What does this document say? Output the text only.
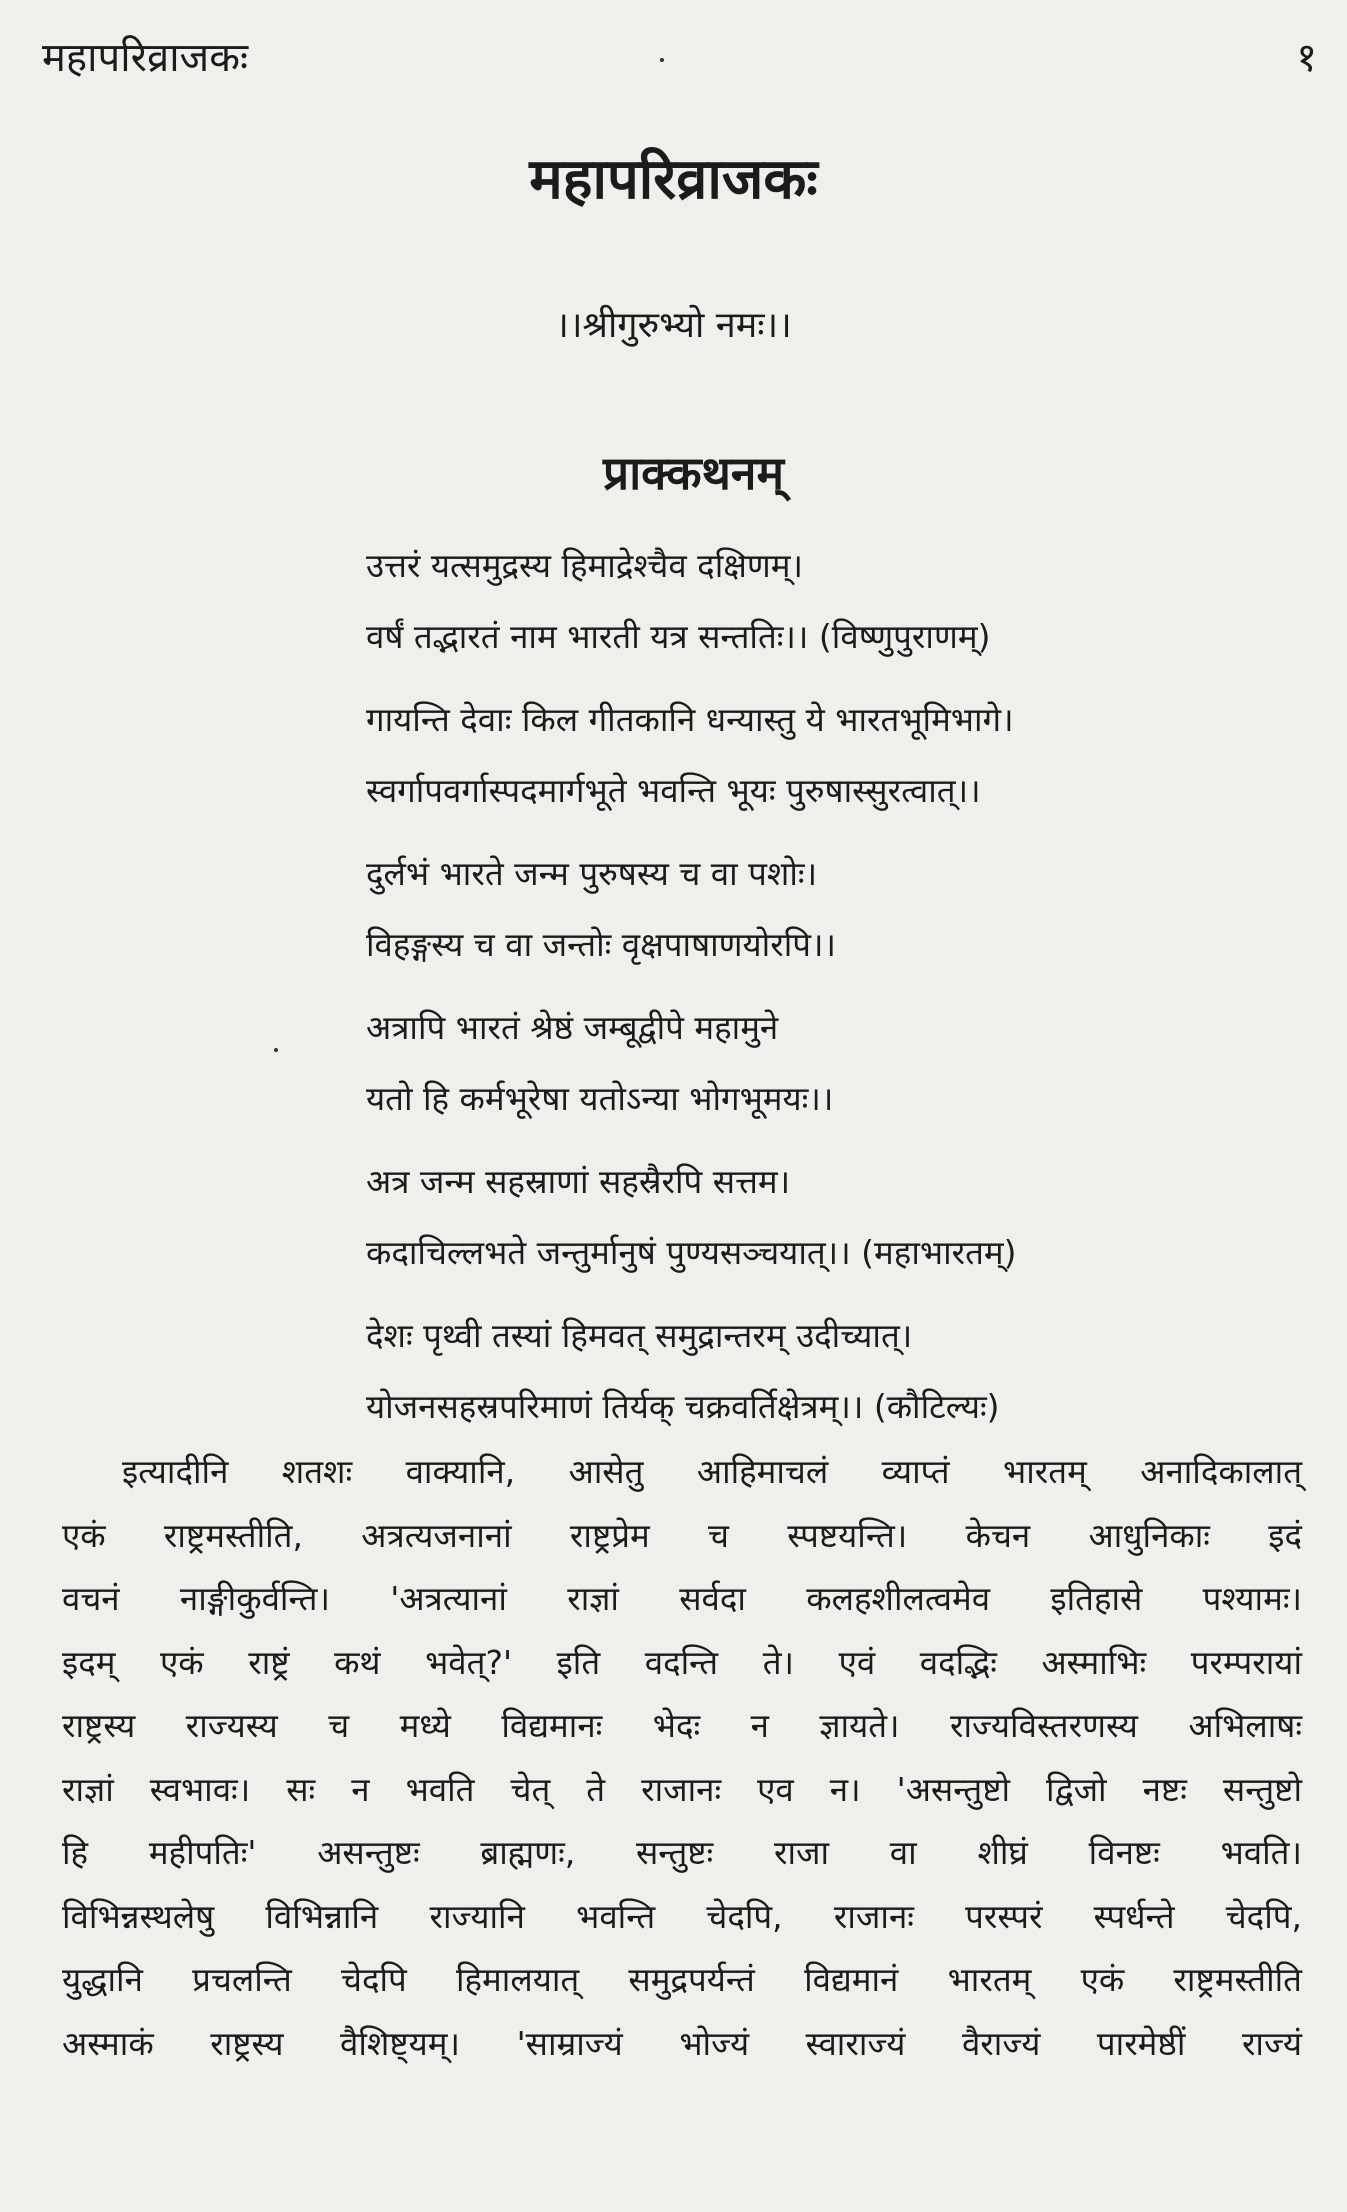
महापरिव्राजकः	१
महापरिव्राजकः
।।श्रीगुरुभ्यो नमः।।
प्राक्कथनम्
उत्तरं यत्समुद्रस्य हिमाद्रेश्चैव दक्षिणम्।
वर्षं तद्भारतं नाम भारती यत्र सन्ततिः।। (विष्णुपुराणम्)
गायन्ति देवाः किल गीतकानि धन्यास्तु ये भारतभूमिभागे।
स्वर्गापवर्गास्पदमार्गभूते भवन्ति भूयः पुरुषास्सुरत्वात्।।
दुर्लभं भारते जन्म पुरुषस्य च वा पशोः।
विहङ्गस्य च वा जन्तोः वृक्षपाषाणयोरपि।।
अत्रापि भारतं श्रेष्ठं जम्बूद्वीपे महामुने
यतो हि कर्मभूरेषा यतोऽन्या भोगभूमयः।।
अत्र जन्म सहस्राणां सहस्रैरपि सत्तम।
कदाचिल्लभते जन्तुर्मानुषं पुण्यसञ्चयात्।। (महाभारतम्)
देशः पृथ्वी तस्यां हिमवत् समुद्रान्तरम् उदीच्यात्।
योजनसहस्रपरिमाणं तिर्यक् चक्रवर्तिक्षेत्रम्।। (कौटिल्यः)
इत्यादीनि शतशः वाक्यानि, आसेतु आहिमाचलं व्याप्तं भारतम् अनादिकालात्
एकं राष्ट्रमस्तीति, अत्रत्यजनानां राष्ट्रप्रेम च स्पष्टयन्ति। केचन आधुनिकाः इदं
वचनं नाङ्गीकुर्वन्ति। 'अत्रत्यानां राज्ञां सर्वदा कलहशीलत्वमेव इतिहासे पश्यामः।
इदम् एकं राष्ट्रं कथं भवेत्?' इति वदन्ति ते। एवं वदद्भिः अस्माभिः परम्परायां
राष्ट्रस्य राज्यस्य च मध्ये विद्यमानः भेदः न ज्ञायते। राज्यविस्तरणस्य अभिलाषः
राज्ञां स्वभावः। सः न भवति चेत् ते राजानः एव न। 'असन्तुष्टो द्विजो नष्टः सन्तुष्टो
हि महीपतिः' असन्तुष्टः ब्राह्मणः, सन्तुष्टः राजा वा शीघ्रं विनष्टः भवति।
विभिन्नस्थलेषु विभिन्नानि राज्यानि भवन्ति चेदपि, राजानः परस्परं स्पर्धन्ते चेदपि,
युद्धानि प्रचलन्ति चेदपि हिमालयात् समुद्रपर्यन्तं विद्यमानं भारतम् एकं राष्ट्रमस्तीति
अस्माकं राष्ट्रस्य वैशिष्ट्यम्। 'साम्राज्यं भोज्यं स्वाराज्यं वैराज्यं पारमेष्ठीं राज्यं
